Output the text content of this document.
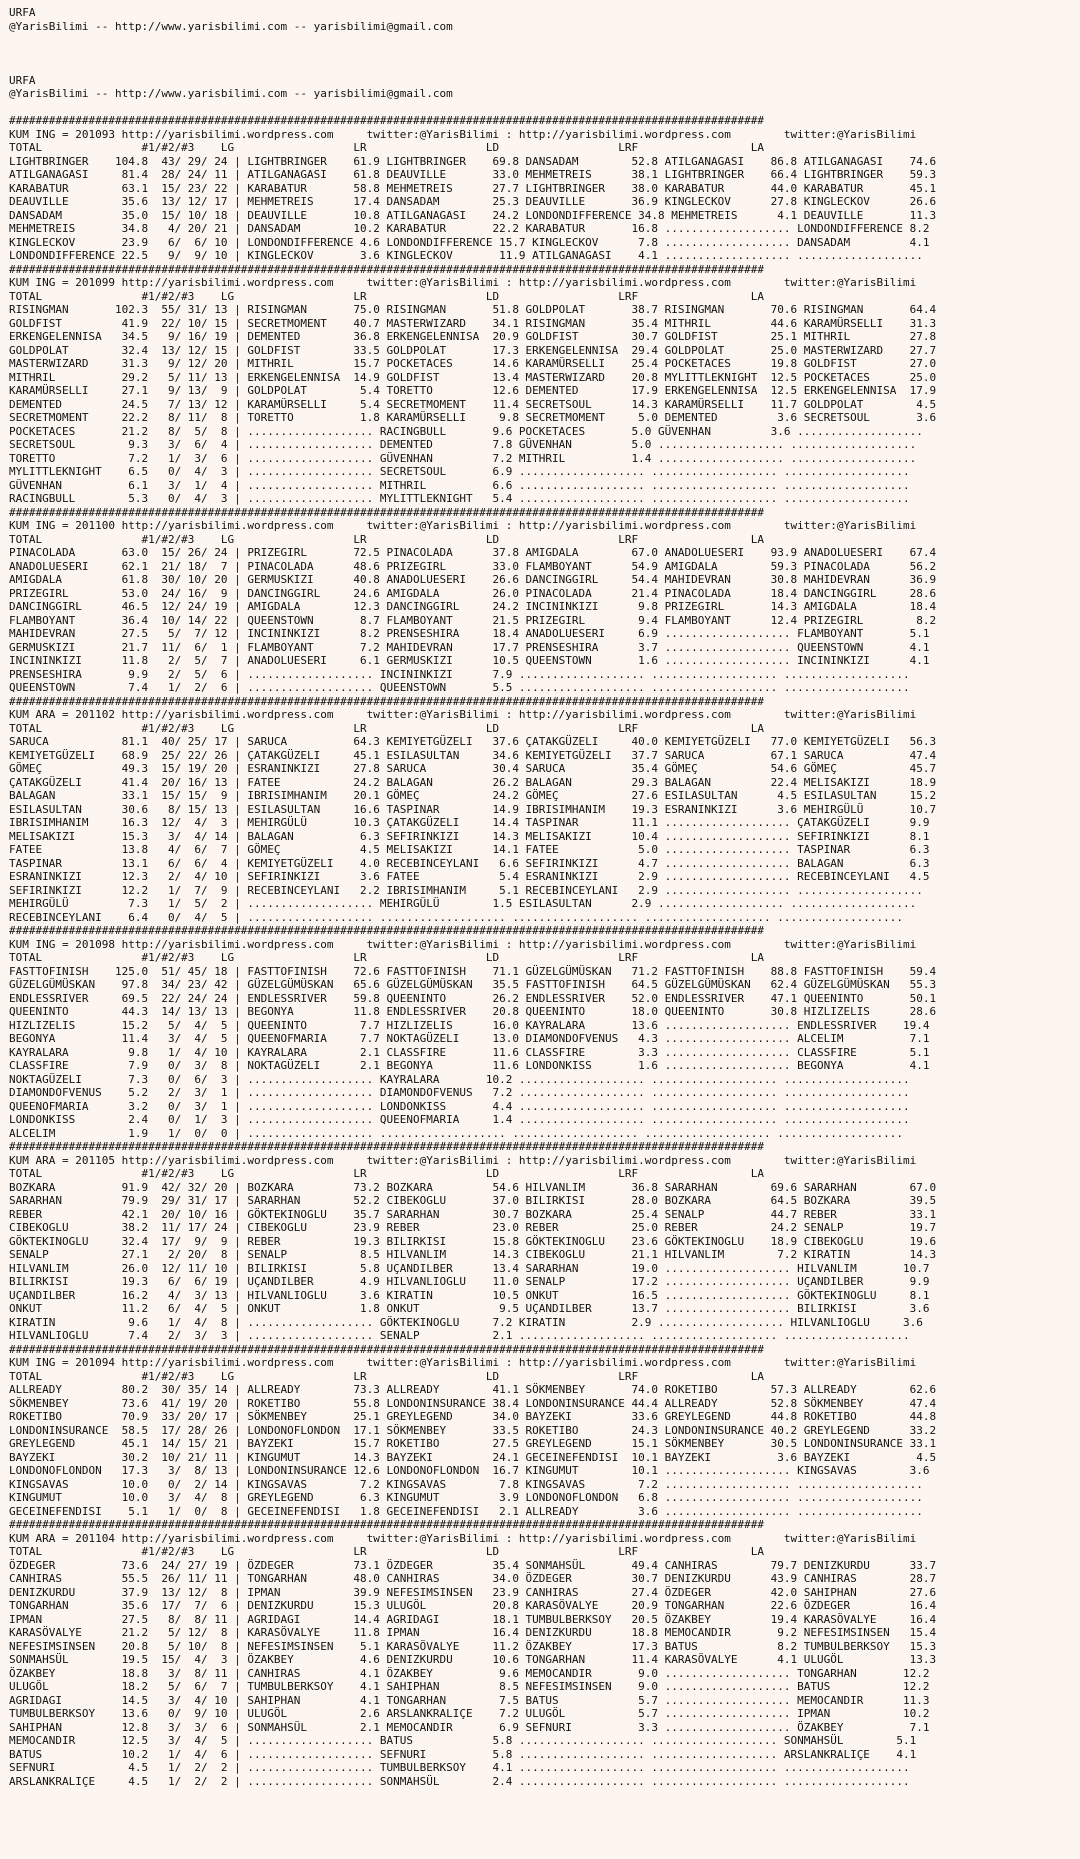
URFA
@YarisBilimi -- http://www.yarisbilimi.com -- yarisbilimi@gmail.com
URFA
@YarisBilimi -- http://www.yarisbilimi.com -- yarisbilimi@gmail.com
##################################################################################################################
KUM ING = 201093 http://yarisbilimi.wordpress.com     twitter:@YarisBilimi : http://yarisbilimi.wordpress.com        twitter:@YarisBilimi
TOTAL               #1/#2/#3    LG                  LR                  LD                  LRF                 LA
LIGHTBRINGER    104.8  43/ 29/ 24 | LIGHTBRINGER    61.9 LIGHTBRINGER    69.8 DANSADAM        52.8 ATILGANAGASI    86.8 ATILGANAGASI    74.6
ATILGANAGASI     81.4  28/ 24/ 11 | ATILGANAGASI    61.8 DEAUVILLE       33.0 MEHMETREIS      38.1 LIGHTBRINGER    66.4 LIGHTBRINGER    59.3
KARABATUR        63.1  15/ 23/ 22 | KARABATUR       58.8 MEHMETREIS      27.7 LIGHTBRINGER    38.0 KARABATUR       44.0 KARABATUR       45.1
DEAUVILLE        35.6  13/ 12/ 17 | MEHMETREIS      17.4 DANSADAM        25.3 DEAUVILLE       36.9 KINGLECKOV      27.8 KINGLECKOV      26.6
DANSADAM         35.0  15/ 10/ 18 | DEAUVILLE       10.8 ATILGANAGASI    24.2 LONDONDIFFERENCE 34.8 MEHMETREIS      4.1 DEAUVILLE       11.3
MEHMETREIS       34.8   4/ 20/ 21 | DANSADAM        10.2 KARABATUR       22.2 KARABATUR       16.8 ................... LONDONDIFFERENCE 8.2
KINGLECKOV       23.9   6/  6/ 10 | LONDONDIFFERENCE 4.6 LONDONDIFFERENCE 15.7 KINGLECKOV      7.8 ................... DANSADAM         4.1
LONDONDIFFERENCE 22.5   9/  9/ 10 | KINGLECKOV       3.6 KINGLECKOV       11.9 ATILGANAGASI    4.1 ................... ...................
##################################################################################################################
KUM ING = 201099 http://yarisbilimi.wordpress.com     twitter:@YarisBilimi : http://yarisbilimi.wordpress.com        twitter:@YarisBilimi
TOTAL               #1/#2/#3    LG                  LR                  LD                  LRF                 LA
RISINGMAN       102.3  55/ 31/ 13 | RISINGMAN       75.0 RISINGMAN       51.8 GOLDPOLAT       38.7 RISINGMAN       70.6 RISINGMAN       64.4
GOLDFIST         41.9  22/ 10/ 15 | SECRETMOMENT    40.7 MASTERWIZARD    34.1 RISINGMAN       35.4 MITHRIL         44.6 KARAMÜRSELLI    31.3
ERKENGELENNISA   34.5   9/ 16/ 19 | DEMENTED        36.8 ERKENGELENNISA  20.9 GOLDFIST        30.7 GOLDFIST        25.1 MITHRIL         27.8
GOLDPOLAT        32.4  13/ 12/ 15 | GOLDFIST        33.5 GOLDPOLAT       17.3 ERKENGELENNISA  29.4 GOLDPOLAT       25.0 MASTERWIZARD    27.7
MASTERWIZARD     31.3   9/ 12/ 20 | MITHRIL         15.7 POCKETACES      14.6 KARAMÜRSELLI    25.4 POCKETACES      19.8 GOLDFIST        27.0
MITHRIL          29.2   5/ 11/ 13 | ERKENGELENNISA  14.9 GOLDFIST        13.4 MASTERWIZARD    20.8 MYLITTLEKNIGHT  12.5 POCKETACES      25.0
KARAMÜRSELLI     27.1   9/ 13/  9 | GOLDPOLAT        5.4 TORETTO         12.6 DEMENTED        17.9 ERKENGELENNISA  12.5 ERKENGELENNISA  17.9
DEMENTED         24.5   7/ 13/ 12 | KARAMÜRSELLI     5.4 SECRETMOMENT    11.4 SECRETSOUL      14.3 KARAMÜRSELLI    11.7 GOLDPOLAT        4.5
SECRETMOMENT     22.2   8/ 11/  8 | TORETTO          1.8 KARAMÜRSELLI     9.8 SECRETMOMENT     5.0 DEMENTED         3.6 SECRETSOUL       3.6
POCKETACES       21.2   8/  5/  8 | ................... RACINGBULL       9.6 POCKETACES       5.0 GÜVENHAN         3.6 ...................
SECRETSOUL        9.3   3/  6/  4 | ................... DEMENTED         7.8 GÜVENHAN         5.0 ................... ...................
TORETTO           7.2   1/  3/  6 | ................... GÜVENHAN         7.2 MITHRIL          1.4 ................... ...................
MYLITTLEKNIGHT    6.5   0/  4/  3 | ................... SECRETSOUL       6.9 ................... ................... ...................
GÜVENHAN          6.1   3/  1/  4 | ................... MITHRIL          6.6 ................... ................... ...................
RACINGBULL        5.3   0/  4/  3 | ................... MYLITTLEKNIGHT   5.4 ................... ................... ...................
##################################################################################################################
KUM ING = 201100 http://yarisbilimi.wordpress.com     twitter:@YarisBilimi : http://yarisbilimi.wordpress.com        twitter:@YarisBilimi
TOTAL               #1/#2/#3    LG                  LR                  LD                  LRF                 LA
PINACOLADA       63.0  15/ 26/ 24 | PRIZEGIRL       72.5 PINACOLADA      37.8 AMIGDALA        67.0 ANADOLUESERI    93.9 ANADOLUESERI    67.4
ANADOLUESERI     62.1  21/ 18/  7 | PINACOLADA      48.6 PRIZEGIRL       33.0 FLAMBOYANT      54.9 AMIGDALA        59.3 PINACOLADA      56.2
AMIGDALA         61.8  30/ 10/ 20 | GERMUSKIZI      40.8 ANADOLUESERI    26.6 DANCINGGIRL     54.4 MAHIDEVRAN      30.8 MAHIDEVRAN      36.9
PRIZEGIRL        53.0  24/ 16/  9 | DANCINGGIRL     24.6 AMIGDALA        26.0 PINACOLADA      21.4 PINACOLADA      18.4 DANCINGGIRL     28.6
DANCINGGIRL      46.5  12/ 24/ 19 | AMIGDALA        12.3 DANCINGGIRL     24.2 INCININKIZI      9.8 PRIZEGIRL       14.3 AMIGDALA        18.4
FLAMBOYANT       36.4  10/ 14/ 22 | QUEENSTOWN       8.7 FLAMBOYANT      21.5 PRIZEGIRL        9.4 FLAMBOYANT      12.4 PRIZEGIRL        8.2
MAHIDEVRAN       27.5   5/  7/ 12 | INCININKIZI      8.2 PRENSESHIRA     18.4 ANADOLUESERI     6.9 ................... FLAMBOYANT       5.1
GERMUSKIZI       21.7  11/  6/  1 | FLAMBOYANT       7.2 MAHIDEVRAN      17.7 PRENSESHIRA      3.7 ................... QUEENSTOWN       4.1
INCININKIZI      11.8   2/  5/  7 | ANADOLUESERI     6.1 GERMUSKIZI      10.5 QUEENSTOWN       1.6 ................... INCININKIZI      4.1
PRENSESHIRA       9.9   2/  5/  6 | ................... INCININKIZI      7.9 ................... ................... ...................
QUEENSTOWN        7.4   1/  2/  6 | ................... QUEENSTOWN       5.5 ................... ................... ...................
##################################################################################################################
KUM ARA = 201102 http://yarisbilimi.wordpress.com     twitter:@YarisBilimi : http://yarisbilimi.wordpress.com        twitter:@YarisBilimi
TOTAL               #1/#2/#3    LG                  LR                  LD                  LRF                 LA
SARUCA           81.1  40/ 25/ 17 | SARUCA          64.3 KEMIYETGÜZELI   37.6 ÇATAKGÜZELI     40.0 KEMIYETGÜZELI   77.0 KEMIYETGÜZELI   56.3
KEMIYETGÜZELI    68.9  25/ 22/ 26 | ÇATAKGÜZELI     45.1 ESILASULTAN     34.6 KEMIYETGÜZELI   37.7 SARUCA          67.1 SARUCA          47.4
GÖMEÇ            49.3  15/ 19/ 20 | ESRANINKIZI     27.8 SARUCA          30.4 SARUCA          35.4 GÖMEÇ           54.6 GÖMEÇ           45.7
ÇATAKGÜZELI      41.4  20/ 16/ 13 | FATEE           24.2 BALAGAN         26.2 BALAGAN         29.3 BALAGAN         22.4 MELISAKIZI      18.9
BALAGAN          33.1  15/ 15/  9 | IBRISIMHANIM    20.1 GÖMEÇ           24.2 GÖMEÇ           27.6 ESILASULTAN      4.5 ESILASULTAN     15.2
ESILASULTAN      30.6   8/ 15/ 13 | ESILASULTAN     16.6 TASPINAR        14.9 IBRISIMHANIM    19.3 ESRANINKIZI      3.6 MEHIRGÜLÜ       10.7
IBRISIMHANIM     16.3  12/  4/  3 | MEHIRGÜLÜ       10.3 ÇATAKGÜZELI     14.4 TASPINAR        11.1 ................... ÇATAKGÜZELI      9.9
MELISAKIZI       15.3   3/  4/ 14 | BALAGAN          6.3 SEFIRINKIZI     14.3 MELISAKIZI      10.4 ................... SEFIRINKIZI      8.1
FATEE            13.8   4/  6/  7 | GÖMEÇ            4.5 MELISAKIZI      14.1 FATEE            5.0 ................... TASPINAR         6.3
TASPINAR         13.1   6/  6/  4 | KEMIYETGÜZELI    4.0 RECEBINCEYLANI   6.6 SEFIRINKIZI      4.7 ................... BALAGAN          6.3
ESRANINKIZI      12.3   2/  4/ 10 | SEFIRINKIZI      3.6 FATEE            5.4 ESRANINKIZI      2.9 ................... RECEBINCEYLANI   4.5
SEFIRINKIZI      12.2   1/  7/  9 | RECEBINCEYLANI   2.2 IBRISIMHANIM     5.1 RECEBINCEYLANI   2.9 ................... ...................
MEHIRGÜLÜ         7.3   1/  5/  2 | ................... MEHIRGÜLÜ        1.5 ESILASULTAN      2.9 ................... ...................
RECEBINCEYLANI    6.4   0/  4/  5 | ................... ................... ................... ................... ...................
##################################################################################################################
KUM ING = 201098 http://yarisbilimi.wordpress.com     twitter:@YarisBilimi : http://yarisbilimi.wordpress.com        twitter:@YarisBilimi
TOTAL               #1/#2/#3    LG                  LR                  LD                  LRF                 LA
FASTTOFINISH    125.0  51/ 45/ 18 | FASTTOFINISH    72.6 FASTTOFINISH    71.1 GÜZELGÜMÜSKAN   71.2 FASTTOFINISH    88.8 FASTTOFINISH    59.4
GÜZELGÜMÜSKAN    97.8  34/ 23/ 42 | GÜZELGÜMÜSKAN   65.6 GÜZELGÜMÜSKAN   35.5 FASTTOFINISH    64.5 GÜZELGÜMÜSKAN   62.4 GÜZELGÜMÜSKAN   55.3
ENDLESSRIVER     69.5  22/ 24/ 24 | ENDLESSRIVER    59.8 QUEENINTO       26.2 ENDLESSRIVER    52.0 ENDLESSRIVER    47.1 QUEENINTO       50.1
QUEENINTO        44.3  14/ 13/ 13 | BEGONYA         11.8 ENDLESSRIVER    20.8 QUEENINTO       18.0 QUEENINTO       30.8 HIZLIZELIS      28.6
HIZLIZELIS       15.2   5/  4/  5 | QUEENINTO        7.7 HIZLIZELIS      16.0 KAYRALARA       13.6 ................... ENDLESSRIVER    19.4
BEGONYA          11.4   3/  4/  5 | QUEENOFMARIA     7.7 NOKTAGÜZELI     13.0 DIAMONDOFVENUS   4.3 ................... ALCELIM          7.1
KAYRALARA         9.8   1/  4/ 10 | KAYRALARA        2.1 CLASSFIRE       11.6 CLASSFIRE        3.3 ................... CLASSFIRE        5.1
CLASSFIRE         7.9   0/  3/  8 | NOKTAGÜZELI      2.1 BEGONYA         11.6 LONDONKISS       1.6 ................... BEGONYA          4.1
NOKTAGÜZELI       7.3   0/  6/  3 | ................... KAYRALARA       10.2 ................... ................... ...................
DIAMONDOFVENUS    5.2   2/  3/  1 | ................... DIAMONDOFVENUS   7.2 ................... ................... ...................
QUEENOFMARIA      3.2   0/  3/  1 | ................... LONDONKISS       4.4 ................... ................... ...................
LONDONKISS        2.4   0/  1/  3 | ................... QUEENOFMARIA     1.4 ................... ................... ...................
ALCELIM           1.9   1/  0/  0 | ................... ................... ................... ................... ...................
##################################################################################################################
KUM ARA = 201105 http://yarisbilimi.wordpress.com     twitter:@YarisBilimi : http://yarisbilimi.wordpress.com        twitter:@YarisBilimi
TOTAL               #1/#2/#3    LG                  LR                  LD                  LRF                 LA
BOZKARA          91.9  42/ 32/ 20 | BOZKARA         73.2 BOZKARA         54.6 HILVANLIM       36.8 SARARHAN        69.6 SARARHAN        67.0
SARARHAN         79.9  29/ 31/ 17 | SARARHAN        52.2 CIBEKOGLU       37.0 BILIRKISI       28.0 BOZKARA         64.5 BOZKARA         39.5
REBER            42.1  20/ 10/ 16 | GÖKTEKINOGLU    35.7 SARARHAN        30.7 BOZKARA         25.4 SENALP          44.7 REBER           33.1
CIBEKOGLU        38.2  11/ 17/ 24 | CIBEKOGLU       23.9 REBER           23.0 REBER           25.0 REBER           24.2 SENALP          19.7
GÖKTEKINOGLU     32.4  17/  9/  9 | REBER           19.3 BILIRKISI       15.8 GÖKTEKINOGLU    23.6 GÖKTEKINOGLU    18.9 CIBEKOGLU       19.6
SENALP           27.1   2/ 20/  8 | SENALP           8.5 HILVANLIM       14.3 CIBEKOGLU       21.1 HILVANLIM        7.2 KIRATIN         14.3
HILVANLIM        26.0  12/ 11/ 10 | BILIRKISI        5.8 UÇANDILBER      13.4 SARARHAN        19.0 ................... HILVANLIM       10.7
BILIRKISI        19.3   6/  6/ 19 | UÇANDILBER       4.9 HILVANLIOGLU    11.0 SENALP          17.2 ................... UÇANDILBER       9.9
UÇANDILBER       16.2   4/  3/ 13 | HILVANLIOGLU     3.6 KIRATIN         10.5 ONKUT           16.5 ................... GÖKTEKINOGLU     8.1
ONKUT            11.2   6/  4/  5 | ONKUT            1.8 ONKUT            9.5 UÇANDILBER      13.7 ................... BILIRKISI        3.6
KIRATIN           9.6   1/  4/  8 | ................... GÖKTEKINOGLU     7.2 KIRATIN          2.9 ................... HILVANLIOGLU     3.6
HILVANLIOGLU      7.4   2/  3/  3 | ................... SENALP           2.1 ................... ................... ...................
##################################################################################################################
KUM ING = 201094 http://yarisbilimi.wordpress.com     twitter:@YarisBilimi : http://yarisbilimi.wordpress.com        twitter:@YarisBilimi
TOTAL               #1/#2/#3    LG                  LR                  LD                  LRF                 LA
ALLREADY         80.2  30/ 35/ 14 | ALLREADY        73.3 ALLREADY        41.1 SÖKMENBEY       74.0 ROKETIBO        57.3 ALLREADY        62.6
SÖKMENBEY        73.6  41/ 19/ 20 | ROKETIBO        55.8 LONDONINSURANCE 38.4 LONDONINSURANCE 44.4 ALLREADY        52.8 SÖKMENBEY       47.4
ROKETIBO         70.9  33/ 20/ 17 | SÖKMENBEY       25.1 GREYLEGEND      34.0 BAYZEKI         33.6 GREYLEGEND      44.8 ROKETIBO        44.8
LONDONINSURANCE  58.5  17/ 28/ 26 | LONDONOFLONDON  17.1 SÖKMENBEY       33.5 ROKETIBO        24.3 LONDONINSURANCE 40.2 GREYLEGEND      33.2
GREYLEGEND       45.1  14/ 15/ 21 | BAYZEKI         15.7 ROKETIBO        27.5 GREYLEGEND      15.1 SÖKMENBEY       30.5 LONDONINSURANCE 33.1
BAYZEKI          30.2  10/ 21/ 11 | KINGUMUT        14.3 BAYZEKI         24.1 GECEINEFENDISI  10.1 BAYZEKI          3.6 BAYZEKI          4.5
LONDONOFLONDON   17.3   3/  8/ 13 | LONDONINSURANCE 12.6 LONDONOFLONDON  16.7 KINGUMUT        10.1 ................... KINGSAVAS        3.6
KINGSAVAS        10.0   0/  2/ 14 | KINGSAVAS        7.2 KINGSAVAS        7.8 KINGSAVAS        7.2 ................... ...................
KINGUMUT         10.0   3/  4/  8 | GREYLEGEND       6.3 KINGUMUT         3.9 LONDONOFLONDON   6.8 ................... ...................
GECEINEFENDISI    5.1   1/  0/  8 | GECEINEFENDISI   1.8 GECEINEFENDISI   2.1 ALLREADY         3.6 ................... ...................
##################################################################################################################
KUM ARA = 201104 http://yarisbilimi.wordpress.com     twitter:@YarisBilimi : http://yarisbilimi.wordpress.com        twitter:@YarisBilimi
TOTAL               #1/#2/#3    LG                  LR                  LD                  LRF                 LA
ÖZDEGER          73.6  24/ 27/ 19 | ÖZDEGER         73.1 ÖZDEGER         35.4 SONMAHSÜL       49.4 CANHIRAS        79.7 DENIZKURDU      33.7
CANHIRAS         55.5  26/ 11/ 11 | TONGARHAN       48.0 CANHIRAS        34.0 ÖZDEGER         30.7 DENIZKURDU      43.9 CANHIRAS        28.7
DENIZKURDU       37.9  13/ 12/  8 | IPMAN           39.9 NEFESIMSINSEN   23.9 CANHIRAS        27.4 ÖZDEGER         42.0 SAHIPHAN        27.6
TONGARHAN        35.6  17/  7/  6 | DENIZKURDU      15.3 ULUGÖL          20.8 KARASÖVALYE     20.9 TONGARHAN       22.6 ÖZDEGER         16.4
IPMAN            27.5   8/  8/ 11 | AGRIDAGI        14.4 AGRIDAGI        18.1 TUMBULBERKSOY   20.5 ÖZAKBEY         19.4 KARASÖVALYE     16.4
KARASÖVALYE      21.2   5/ 12/  8 | KARASÖVALYE     11.8 IPMAN           16.4 DENIZKURDU      18.8 MEMOCANDIR       9.2 NEFESIMSINSEN   15.4
NEFESIMSINSEN    20.8   5/ 10/  8 | NEFESIMSINSEN    5.1 KARASÖVALYE     11.2 ÖZAKBEY         17.3 BATUS            8.2 TUMBULBERKSOY   15.3
SONMAHSÜL        19.5  15/  4/  3 | ÖZAKBEY          4.6 DENIZKURDU      10.6 TONGARHAN       11.4 KARASÖVALYE      4.1 ULUGÖL          13.3
ÖZAKBEY          18.8   3/  8/ 11 | CANHIRAS         4.1 ÖZAKBEY          9.6 MEMOCANDIR       9.0 ................... TONGARHAN       12.2
ULUGÖL           18.2   5/  6/  7 | TUMBULBERKSOY    4.1 SAHIPHAN         8.5 NEFESIMSINSEN    9.0 ................... BATUS           12.2
AGRIDAGI         14.5   3/  4/ 10 | SAHIPHAN         4.1 TONGARHAN        7.5 BATUS            5.7 ................... MEMOCANDIR      11.3
TUMBULBERKSOY    13.6   0/  9/ 10 | ULUGÖL           2.6 ARSLANKRALIÇE    7.2 ULUGÖL           5.7 ................... IPMAN           10.2
SAHIPHAN         12.8   3/  3/  6 | SONMAHSÜL        2.1 MEMOCANDIR       6.9 SEFNURI          3.3 ................... ÖZAKBEY          7.1
MEMOCANDIR       12.5   3/  4/  5 | ................... BATUS            5.8 ................... ................... SONMAHSÜL        5.1
BATUS            10.2   1/  4/  6 | ................... SEFNURI          5.8 ................... ................... ARSLANKRALIÇE    4.1
SEFNURI           4.5   1/  2/  2 | ................... TUMBULBERKSOY    4.1 ................... ................... ...................
ARSLANKRALIÇE     4.5   1/  2/  2 | ................... SONMAHSÜL        2.4 ................... ................... ...................
